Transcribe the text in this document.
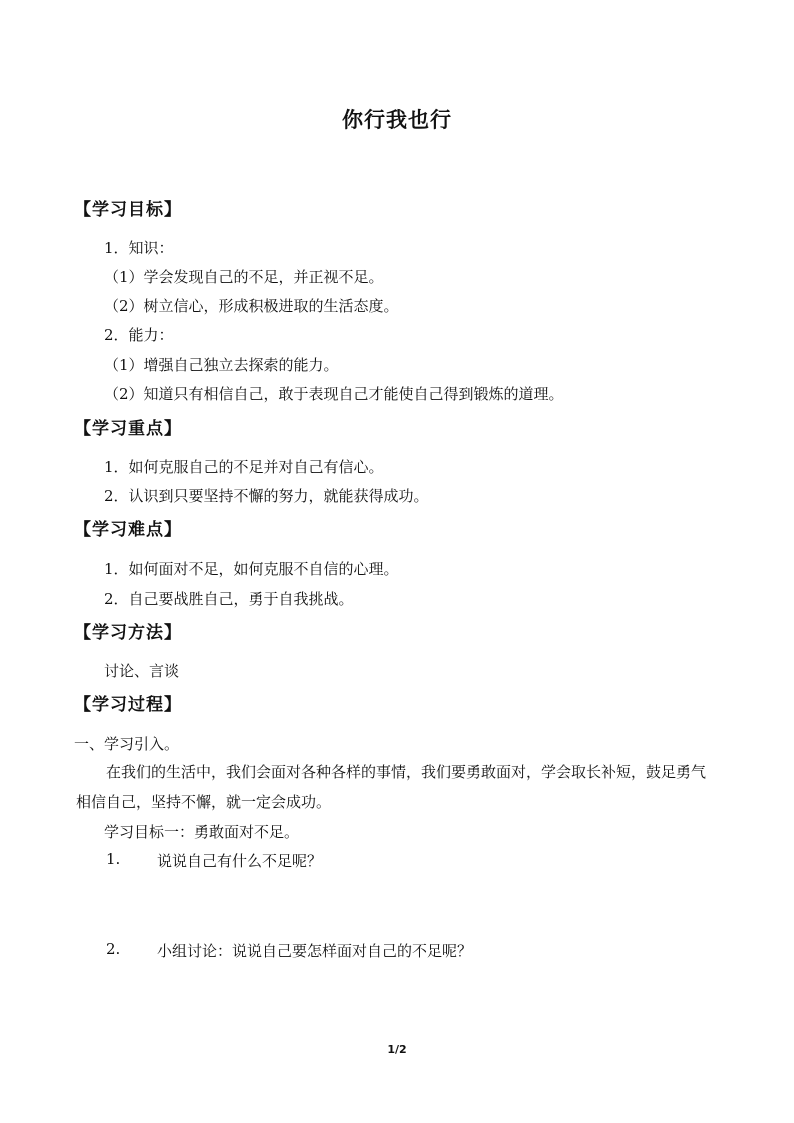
你行我也行
【学习目标】
1．知识：
（1）学会发现自己的不足，并正视不足。
（2）树立信心，形成积极进取的生活态度。
2．能力：
（1）增强自己独立去探索的能力。
（2）知道只有相信自己，敢于表现自己才能使自己得到锻炼的道理。
【学习重点】
1．如何克服自己的不足并对自己有信心。
2．认识到只要坚持不懈的努力，就能获得成功。
【学习难点】
1．如何面对不足，如何克服不自信的心理。
2．自己要战胜自己，勇于自我挑战。
【学习方法】
讨论、言谈
【学习过程】
一、学习引入。
在我们的生活中，我们会面对各种各样的事情，我们要勇敢面对，学会取长补短，鼓足勇气相信自己，坚持不懈，就一定会成功。
学习目标一：勇敢面对不足。
1. 说说自己有什么不足呢？
2. 小组讨论：说说自己要怎样面对自己的不足呢？
1/2
